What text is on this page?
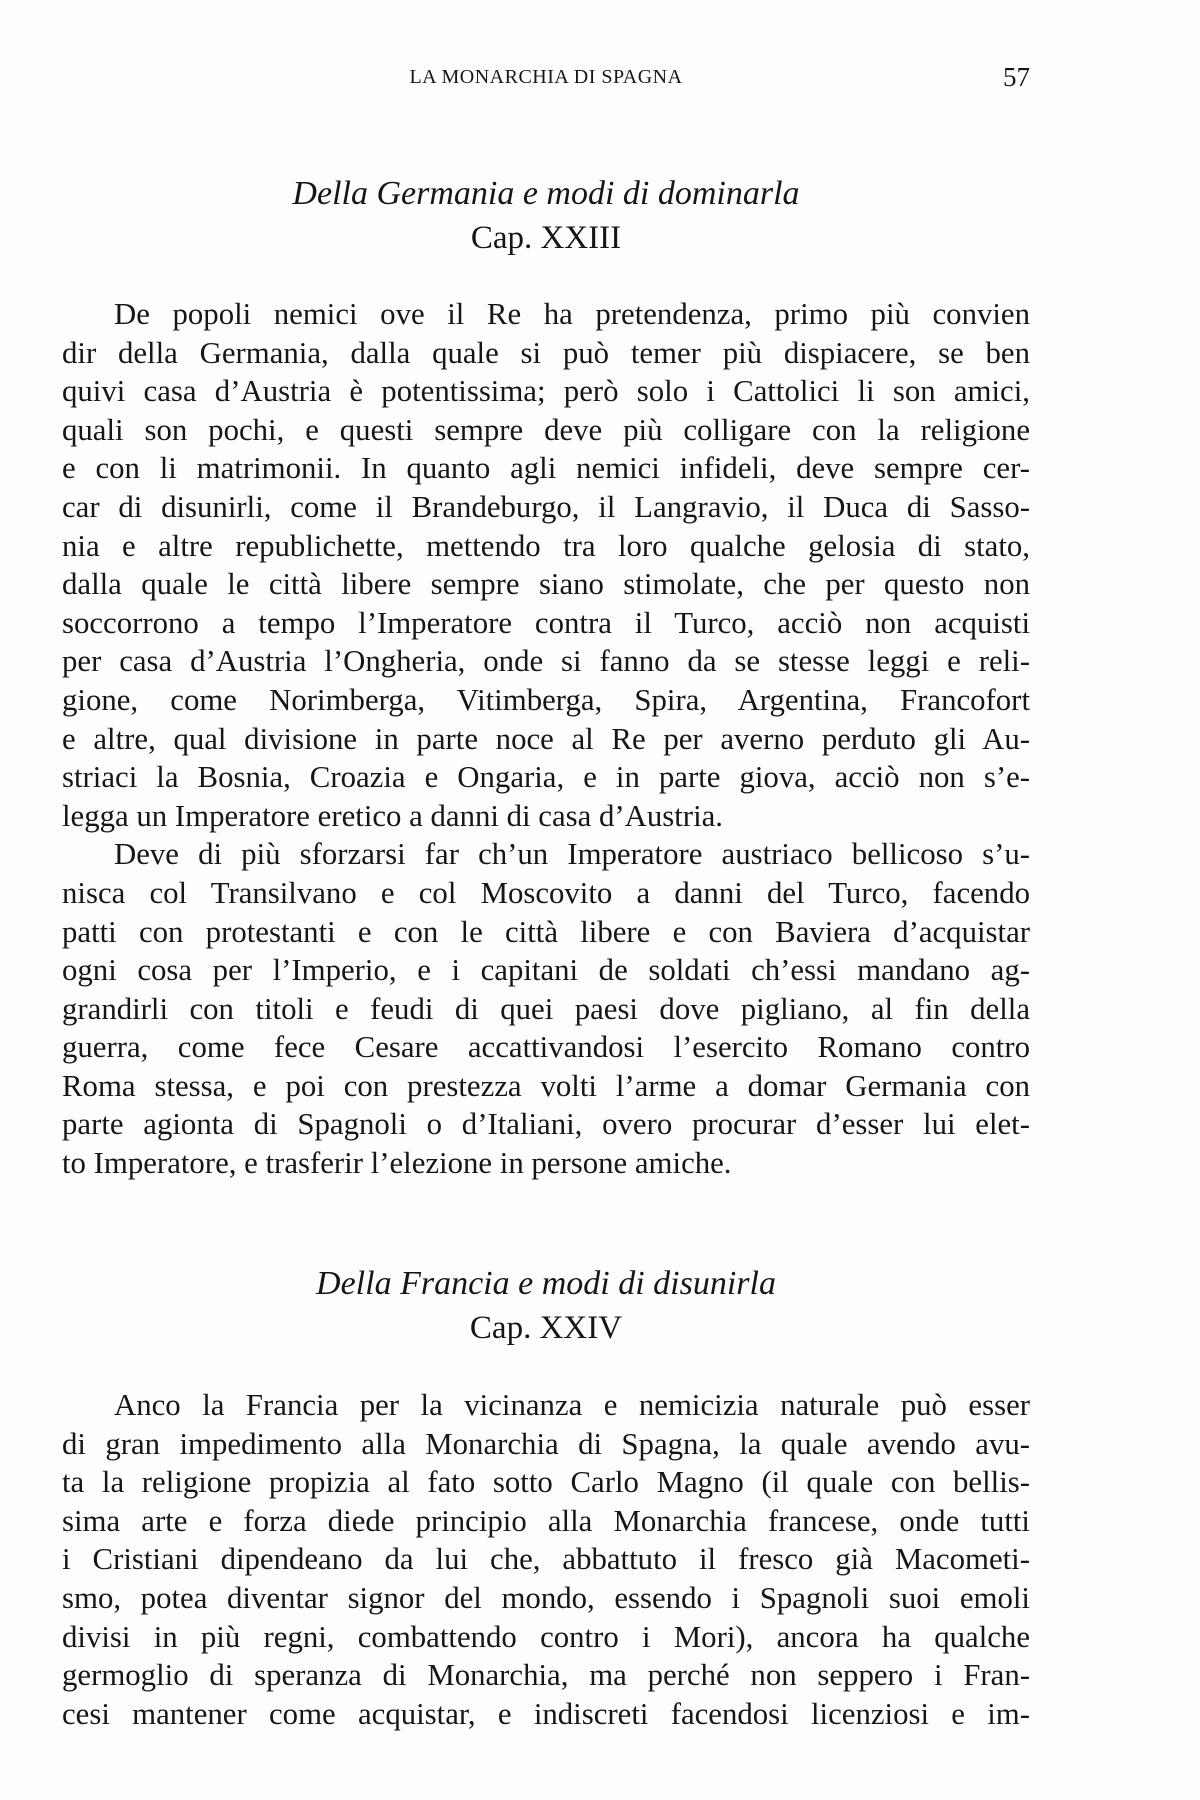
LA MONARCHIA DI SPAGNA	57
Della Germania e modi di dominarla
Cap. XXIII
De popoli nemici ove il Re ha pretendenza, primo più convien
dir della Germania, dalla quale si può temer più dispiacere, se ben
quivi casa d’Austria è potentissima; però solo i Cattolici li son amici,
quali son pochi, e questi sempre deve più colligare con la religione
e con li matrimonii. In quanto agli nemici infideli, deve sempre cer-
car di disunirli, come il Brandeburgo, il Langravio, il Duca di Sasso-
nia e altre republichette, mettendo tra loro qualche gelosia di stato,
dalla quale le città libere sempre siano stimolate, che per questo non
soccorrono a tempo l’Imperatore contra il Turco, acciò non acquisti
per casa d’Austria l’Ongheria, onde si fanno da se stesse leggi e reli-
gione, come Norimberga, Vitimberga, Spira, Argentina, Francofort
e altre, qual divisione in parte noce al Re per averno perduto gli Au-
striaci la Bosnia, Croazia e Ongaria, e in parte giova, acciò non s’e-
legga un Imperatore eretico a danni di casa d’Austria.
Deve di più sforzarsi far ch’un Imperatore austriaco bellicoso s’u-
nisca col Transilvano e col Moscovito a danni del Turco, facendo
patti con protestanti e con le città libere e con Baviera d’acquistar
ogni cosa per l’Imperio, e i capitani de soldati ch’essi mandano ag-
grandirli con titoli e feudi di quei paesi dove pigliano, al fin della
guerra, come fece Cesare accattivandosi l’esercito Romano contro
Roma stessa, e poi con prestezza volti l’arme a domar Germania con
parte agionta di Spagnoli o d’Italiani, overo procurar d’esser lui elet-
to Imperatore, e trasferir l’elezione in persone amiche.
Della Francia e modi di disunirla
Cap. XXIV
Anco la Francia per la vicinanza e nemicizia naturale può esser
di gran impedimento alla Monarchia di Spagna, la quale avendo avu-
ta la religione propizia al fato sotto Carlo Magno (il quale con bellis-
sima arte e forza diede principio alla Monarchia francese, onde tutti
i Cristiani dipendeano da lui che, abbattuto il fresco già Macometi-
smo, potea diventar signor del mondo, essendo i Spagnoli suoi emoli
divisi in più regni, combattendo contro i Mori), ancora ha qualche
germoglio di speranza di Monarchia, ma perché non seppero i Fran-
cesi mantener come acquistar, e indiscreti facendosi licenziosi e im-
